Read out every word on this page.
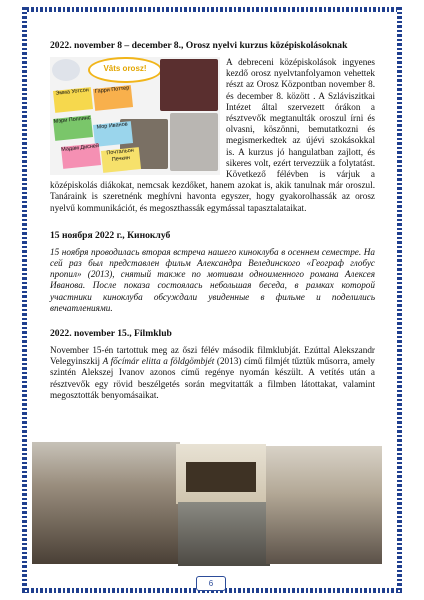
2022. november 8 – december 8., Orosz nyelvi kurzus középiskolásoknak
Vâts orosz!
Эмма Уотсон	Гарри Поттер
Мэри Поппинс
Мор Иванов
Мадам Дисней	Почтальон Печкин

A debreceni középiskolások ingyenes kezdő orosz nyelvtanfolyamon vehettek részt az Orosz Központban november 8. és december 8. között . A Szláviszitkai Intézet által szervezett órákon a résztvevők megtanulták oroszul írni és olvasni, köszönni, bemutatkozni és megismerkedtek az újévi szokásokkal is. A kurzus jó hangulatban zajlott, és sikeres volt, ezért tervezzük a folytatást. Következő félévben is várjuk a középiskolás diákokat, nemcsak kezdőket, hanem azokat is, akik tanulnak már oroszul. Tanáraink is szeretnénk meghívni havonta egyszer, hogy gyakorolhassák az orosz nyelvű kommunikációt, és megoszthassák egymással tapasztalataikat.

15 ноября 2022 г., Киноклуб

15 ноября проводилась вторая встреча нашего киноклуба в осеннем семестре. На сей раз был представлен фильм Александра Велединского «Географ глобус пропил» (2013), снятый также по мотивам одноименного романа Алексея Иванова. После показа состоялась небольшая беседа, в рамках которой участники киноклуба обсуждали увиденные в фильме и поделились впечатлениями.

2022. november 15., Filmklub

November 15-én tartottuk meg az őszi félév második filmklubját. Ezúttal Alekszandr Velegyinszkij A főcímár elitta a földgömbjét (2013) című filmjét tűztük műsorra, amely szintén Alekszej Ivanov azonos című regénye nyomán készült. A vetítés után a résztvevők egy rövid beszélgetés során megvitatták a filmben látottakat, valamint megosztották benyomásaikat.

6
